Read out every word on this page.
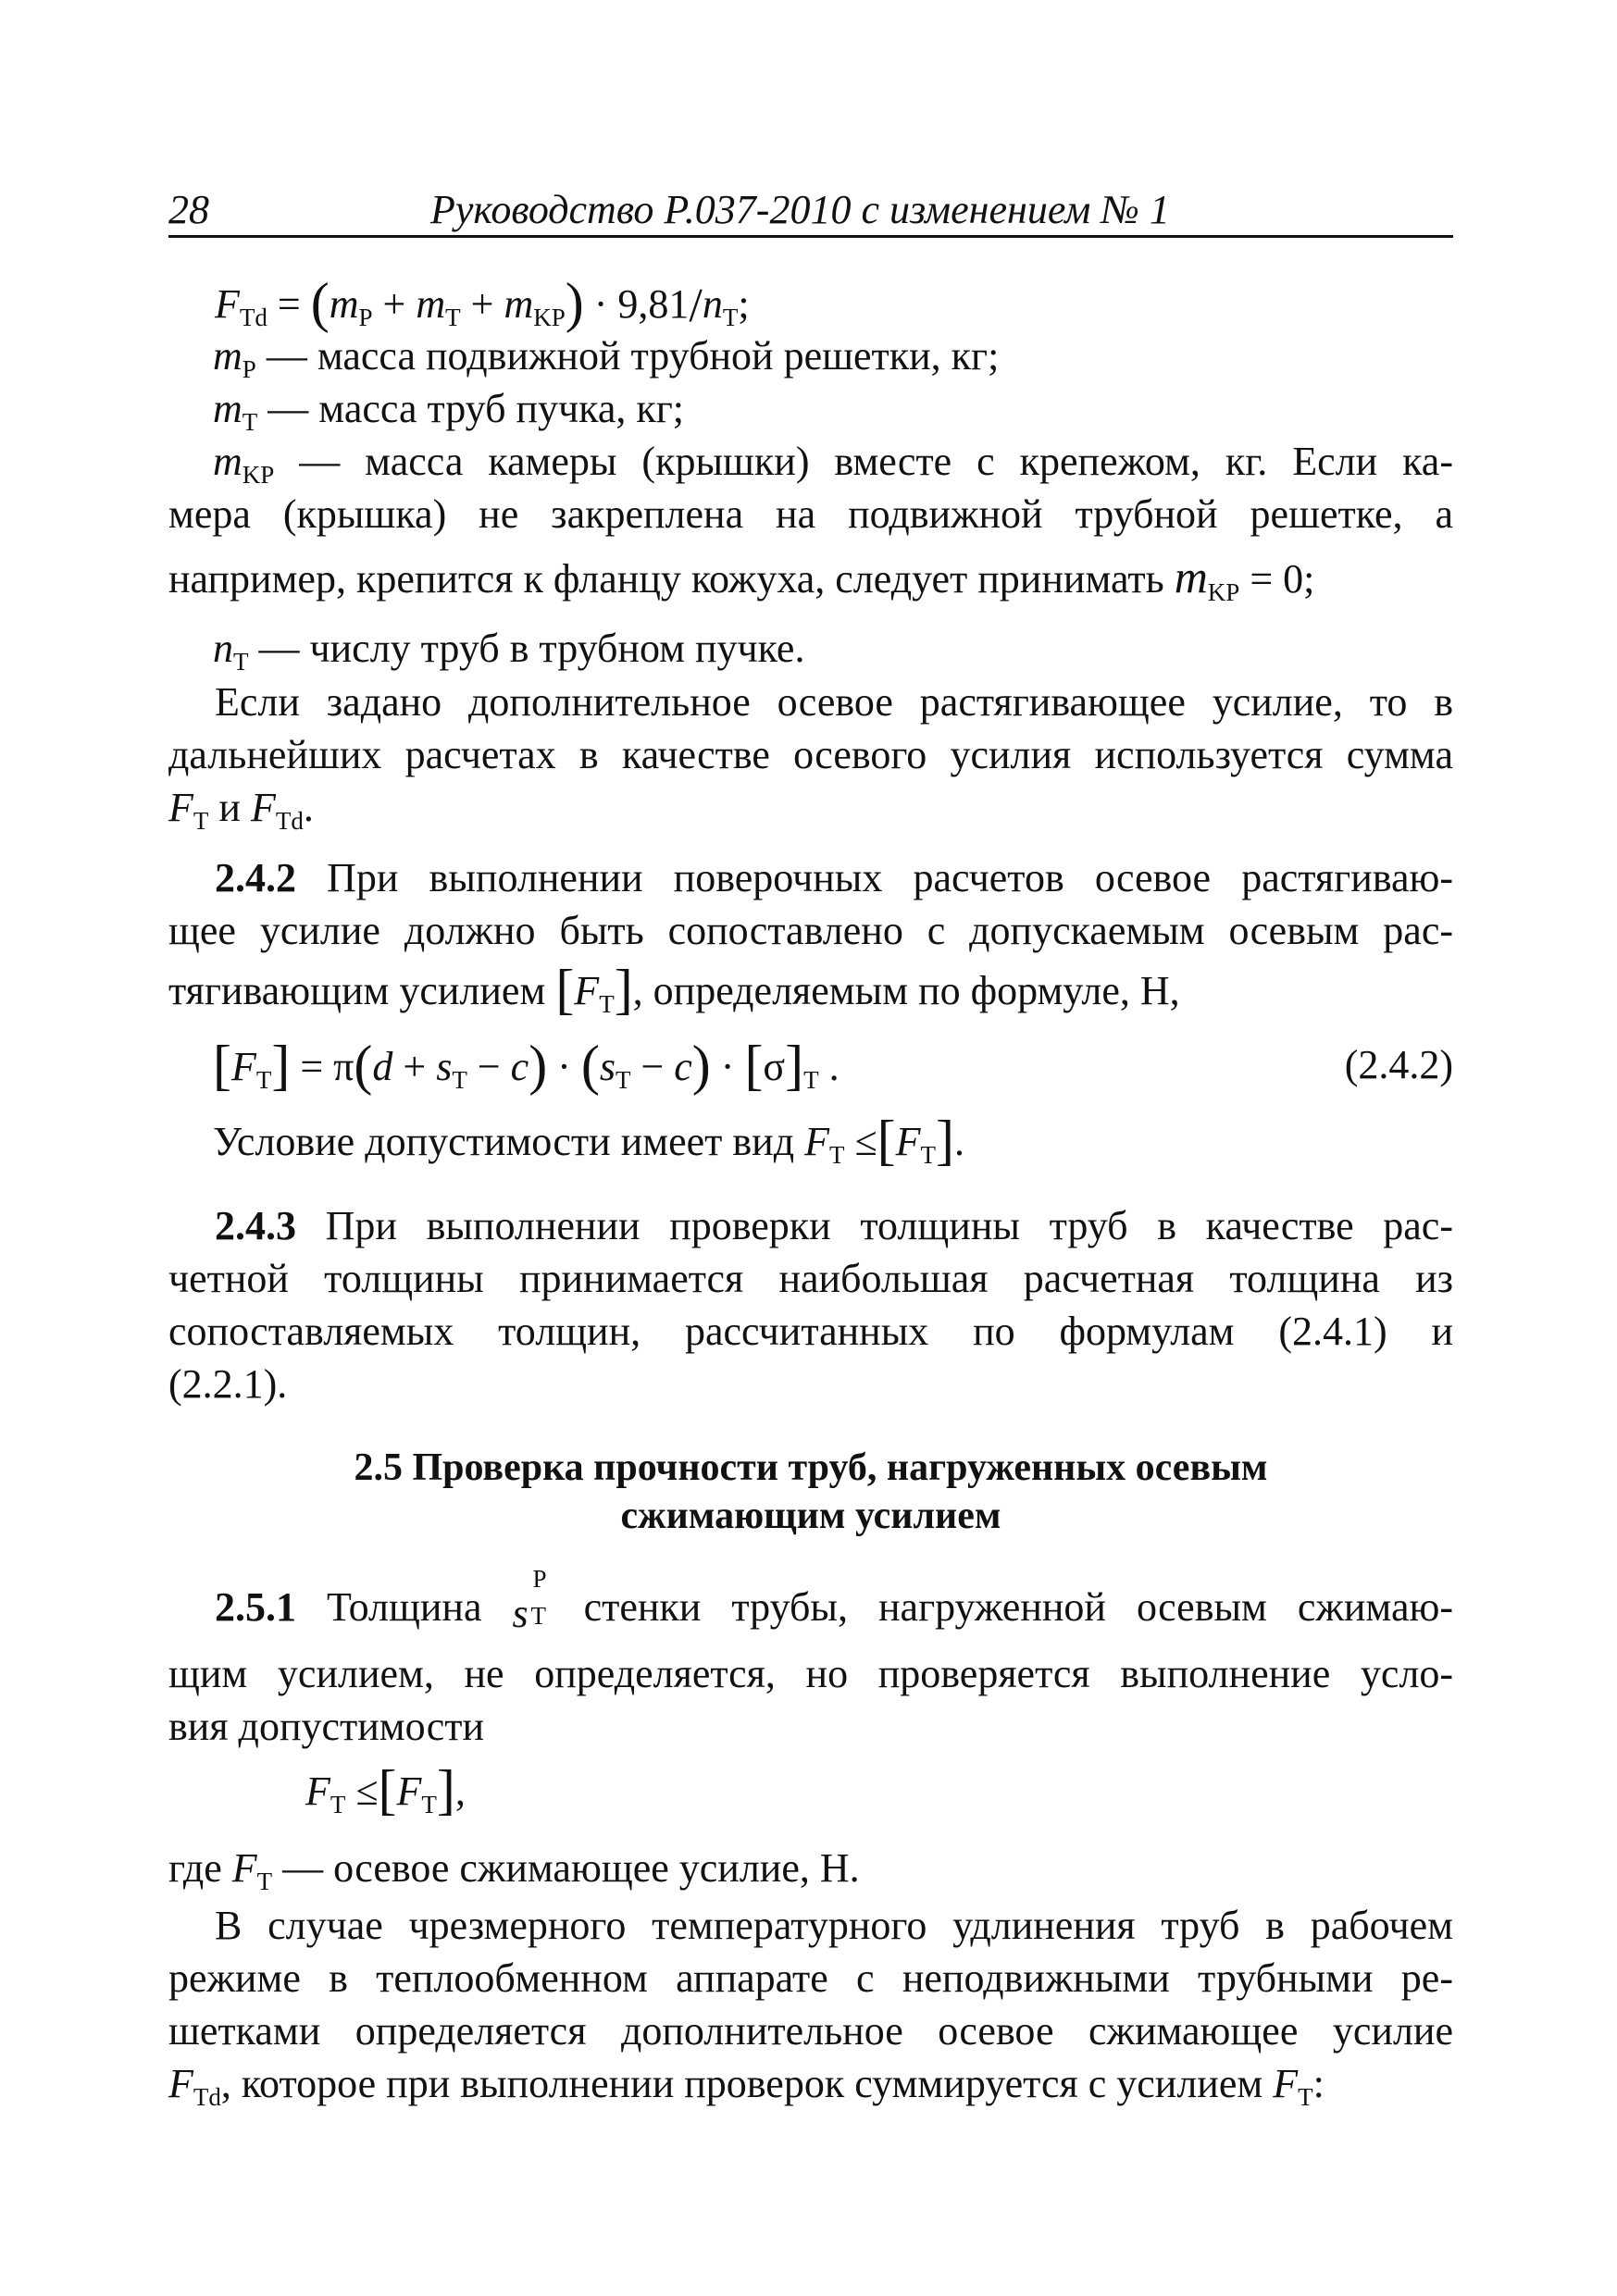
28	Руководство Р.037-2010 с изменением № 1
$F_{Td} = (m_P + m_T + m_{KP}) \cdot 9,81/n_T$;
$m_P$ — масса подвижной трубной решетки, кг;
$m_T$ — масса труб пучка, кг;
$m_{KP}$ — масса камеры (крышки) вместе с крепежом, кг. Если ка-
мера (крышка) не закреплена на подвижной трубной решетке, а
например, крепится к фланцу кожуха, следует принимать $m_{KP} = 0$;
$n_T$ — числу труб в трубном пучке.
Если задано дополнительное осевое растягивающее усилие, то в
дальнейших расчетах в качестве осевого усилия используется сумма
$F_T$ и $F_{Td}$.
2.4.2 При выполнении поверочных расчетов осевое растягиваю-
щее усилие должно быть сопоставлено с допускаемым осевым рас-
тягивающим усилием $[F_T]$, определяемым по формуле, Н,
$[F_T] = \pi(d + s_T - c) \cdot (s_T - c) \cdot [\sigma]_T$ .	(2.4.2)
Условие допустимости имеет вид $F_T \le[F_T]$.
2.4.3 При выполнении проверки толщины труб в качестве рас-
четной толщины принимается наибольшая расчетная толщина из
сопоставляемых толщин, рассчитанных по формулам (2.4.1) и
(2.2.1).
2.5 Проверка прочности труб, нагруженных осевым
сжимающим усилием
2.5.1 Толщина s
P
T стенки трубы, нагруженной осевым сжимаю-
щим усилием, не определяется, но проверяется выполнение усло-
вия допустимости
$F_T \le[F_T]$,
где $F_T$ — осевое сжимающее усилие, Н.
В случае чрезмерного температурного удлинения труб в рабочем
режиме в теплообменном аппарате с неподвижными трубными ре-
шетками определяется дополнительное осевое сжимающее усилие
$F_{Td}$, которое при выполнении проверок суммируется с усилием $F_T$:
